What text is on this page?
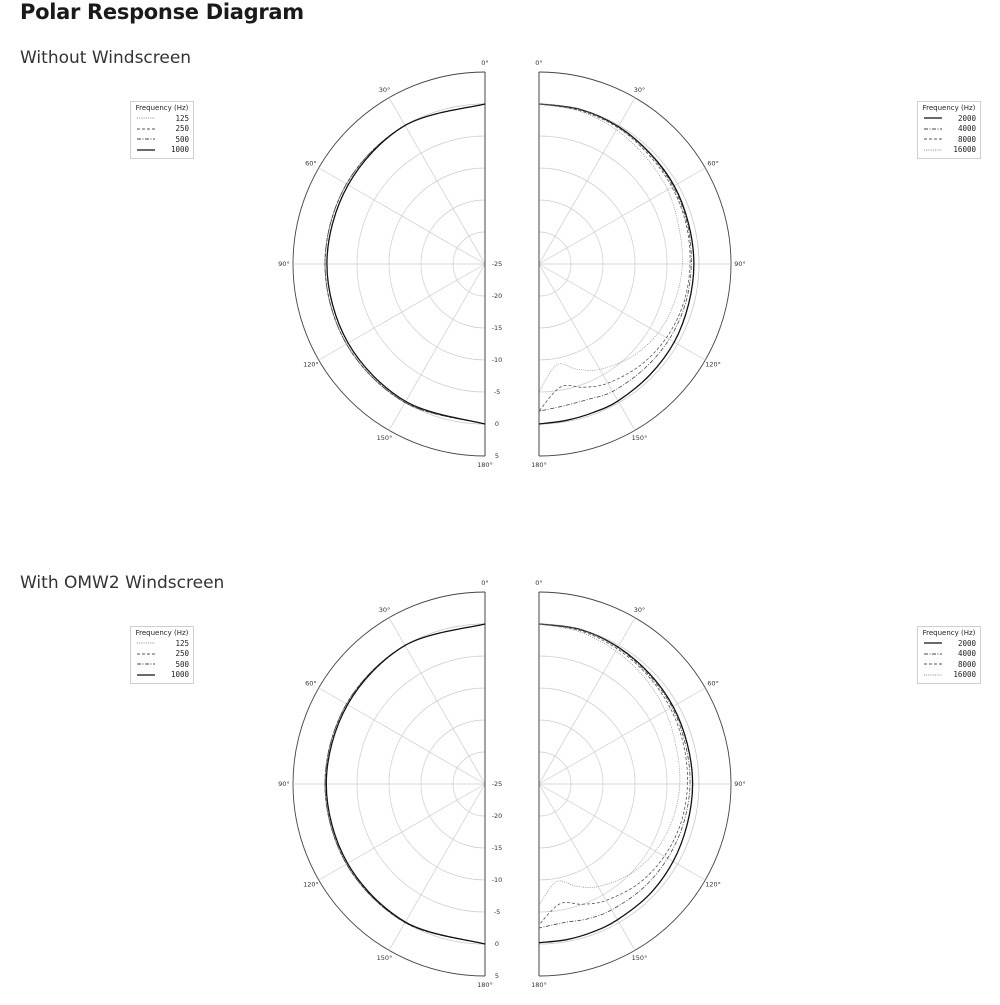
Polar Response Diagram
Without Windscreen	0°
30°
60°
90°
120°
150°
180°
0°
30°
60°
90°
120°
150°
180°
-25
-20
-15
-10
-5
0
5
Frequency (Hz)
125
250
500
1000
Frequency (Hz)
2000
4000
8000
16000
With OMW2 Windscreen	0°
30°
60°
90°
120°
150°
180°
0°
30°
60°
90°
120°
150°
180°
-25
-20
-15
-10
-5
0
5
Frequency (Hz)
125
250
500
1000
Frequency (Hz)
2000
4000
8000
16000
